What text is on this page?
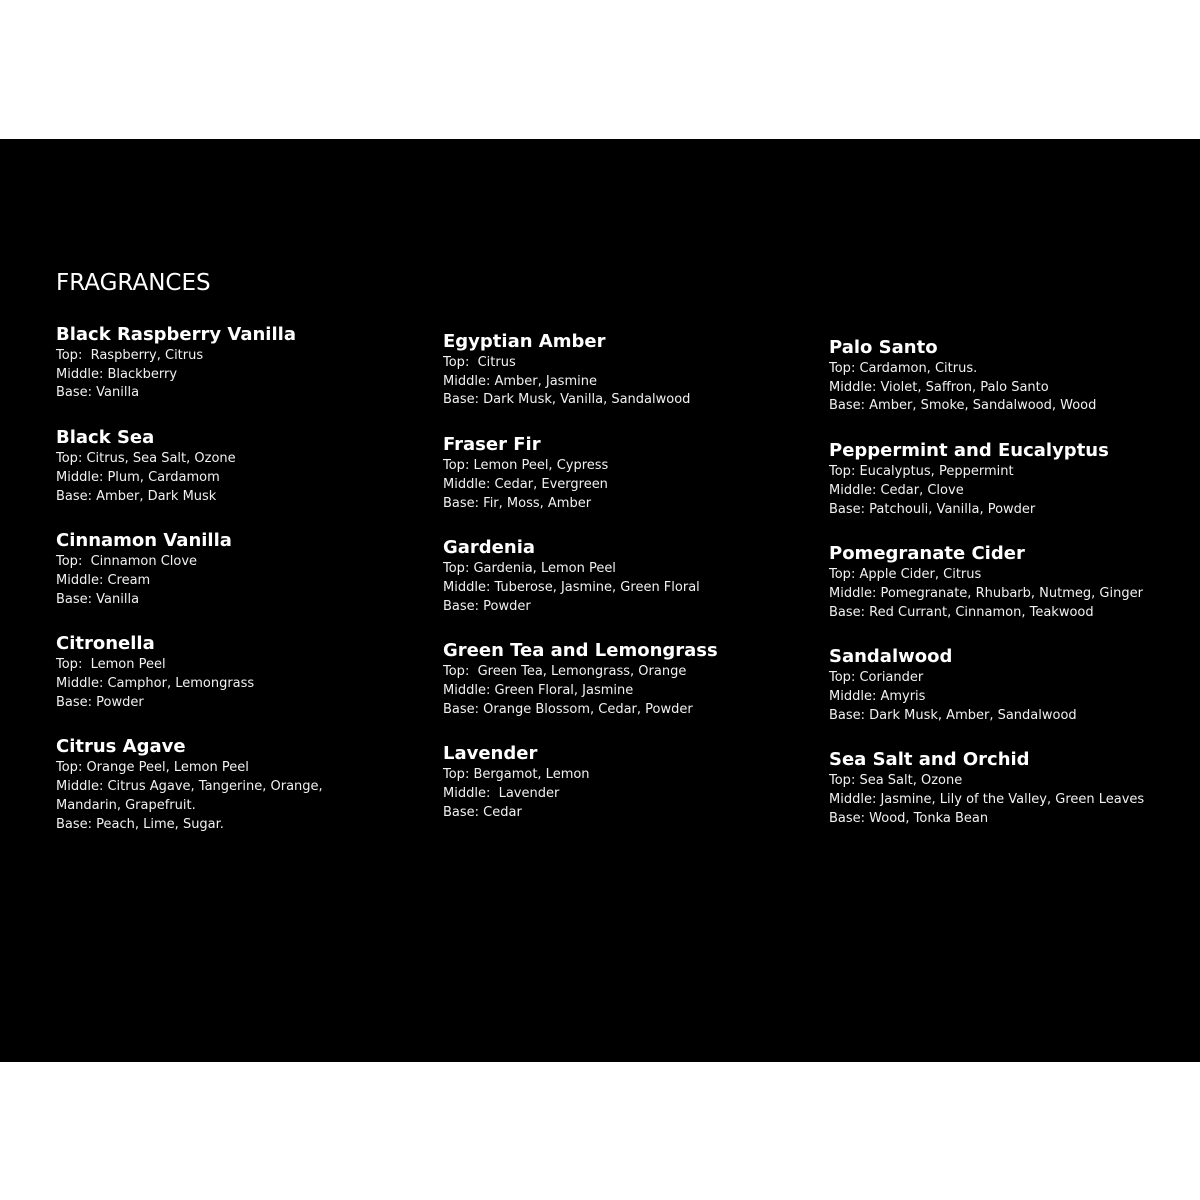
FRAGRANCES

Black Raspberry Vanilla

Top:  Raspberry, Citrus

Middle: Blackberry

Base: Vanilla

Black Sea

Top: Citrus, Sea Salt, Ozone

Middle: Plum, Cardamom

Base: Amber, Dark Musk

Cinnamon Vanilla

Top:  Cinnamon Clove

Middle: Cream

Base: Vanilla

Citronella

Top:  Lemon Peel

Middle: Camphor, Lemongrass

Base: Powder

Citrus Agave

Top: Orange Peel, Lemon Peel

Middle: Citrus Agave, Tangerine, Orange,
Mandarin, Grapefruit.

Base: Peach, Lime, Sugar.

Egyptian Amber

Top:  Citrus

Middle: Amber, Jasmine

Base: Dark Musk, Vanilla, Sandalwood

Fraser Fir

Top: Lemon Peel, Cypress

Middle: Cedar, Evergreen

Base: Fir, Moss, Amber

Gardenia

Top: Gardenia, Lemon Peel

Middle: Tuberose, Jasmine, Green Floral

Base: Powder

Green Tea and Lemongrass

Top:  Green Tea, Lemongrass, Orange

Middle: Green Floral, Jasmine

Base: Orange Blossom, Cedar, Powder

Lavender

Top: Bergamot, Lemon

Middle:  Lavender

Base: Cedar

Palo Santo

Top: Cardamon, Citrus.

Middle: Violet, Saffron, Palo Santo

Base: Amber, Smoke, Sandalwood, Wood

Peppermint and Eucalyptus

Top: Eucalyptus, Peppermint

Middle: Cedar, Clove

Base: Patchouli, Vanilla, Powder

Pomegranate Cider

Top: Apple Cider, Citrus

Middle: Pomegranate, Rhubarb, Nutmeg, Ginger

Base: Red Currant, Cinnamon, Teakwood

Sandalwood

Top: Coriander

Middle: Amyris

Base: Dark Musk, Amber, Sandalwood

Sea Salt and Orchid

Top: Sea Salt, Ozone

Middle: Jasmine, Lily of the Valley, Green Leaves

Base: Wood, Tonka Bean
